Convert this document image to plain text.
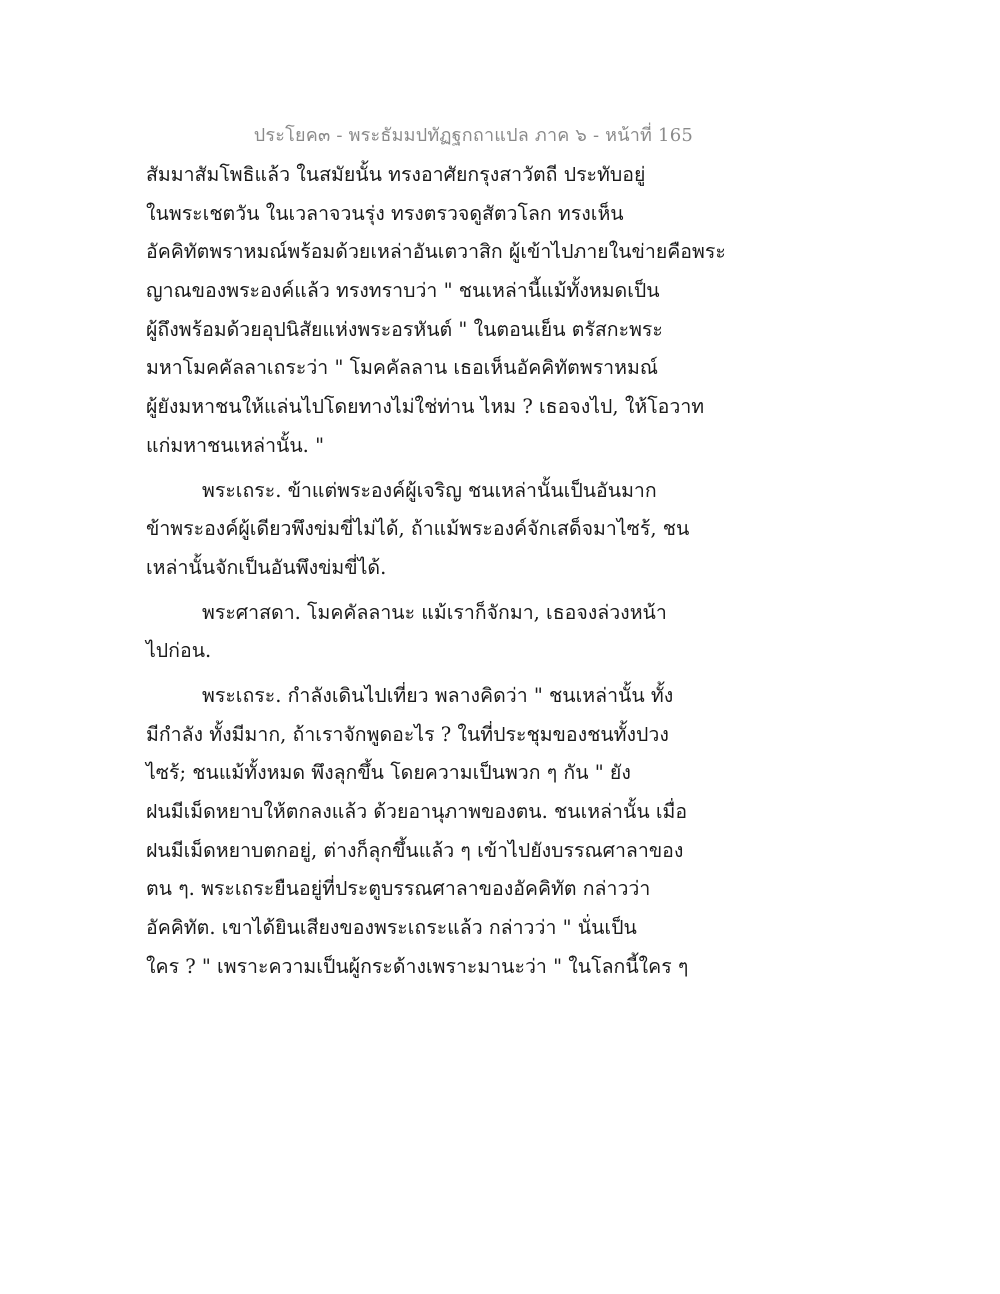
ประโยค๓ - พระธัมมปทัฏฐกถาแปล ภาค ๖ - หน้าที่ 165
สัมมาสัมโพธิแล้ว ในสมัยนั้น ทรงอาศัยกรุงสาวัตถี ประทับอยู่
ในพระเชตวัน ในเวลาจวนรุ่ง ทรงตรวจดูสัตวโลก ทรงเห็น
อัคคิทัตพราหมณ์พร้อมด้วยเหล่าอันเตวาสิก ผู้เข้าไปภายในข่ายคือพระ
ญาณของพระองค์แล้ว ทรงทราบว่า " ชนเหล่านี้แม้ทั้งหมดเป็น
ผู้ถึงพร้อมด้วยอุปนิสัยแห่งพระอรหันต์ " ในตอนเย็น ตรัสกะพระ
มหาโมคคัลลาเถระว่า " โมคคัลลาน เธอเห็นอัคคิทัตพราหมณ์
ผู้ยังมหาชนให้แล่นไปโดยทางไม่ใช่ท่าน ไหม ? เธอจงไป, ให้โอวาท
แก่มหาชนเหล่านั้น. "
พระเถระ. ข้าแต่พระองค์ผู้เจริญ ชนเหล่านั้นเป็นอันมาก
ข้าพระองค์ผู้เดียวพึงข่มขี่ไม่ได้, ถ้าแม้พระองค์จักเสด็จมาไซร้, ชน
เหล่านั้นจักเป็นอันพึงข่มขี่ได้.
พระศาสดา. โมคคัลลานะ แม้เราก็จักมา, เธอจงล่วงหน้า
ไปก่อน.
พระเถระ. กำลังเดินไปเที่ยว พลางคิดว่า " ชนเหล่านั้น ทั้ง
มีกำลัง ทั้งมีมาก, ถ้าเราจักพูดอะไร ? ในที่ประชุมของชนทั้งปวง
ไซร้; ชนแม้ทั้งหมด พึงลุกขึ้น โดยความเป็นพวก ๆ กัน " ยัง
ฝนมีเม็ดหยาบให้ตกลงแล้ว ด้วยอานุภาพของตน. ชนเหล่านั้น เมื่อ
ฝนมีเม็ดหยาบตกอยู่, ต่างก็ลุกขึ้นแล้ว ๆ เข้าไปยังบรรณศาลาของ
ตน ๆ. พระเถระยืนอยู่ที่ประตูบรรณศาลาของอัคคิทัต กล่าวว่า
อัคคิทัต. เขาได้ยินเสียงของพระเถระแล้ว กล่าวว่า " นั่นเป็น
ใคร ? " เพราะความเป็นผู้กระด้างเพราะมานะว่า " ในโลกนี้ใคร ๆ
